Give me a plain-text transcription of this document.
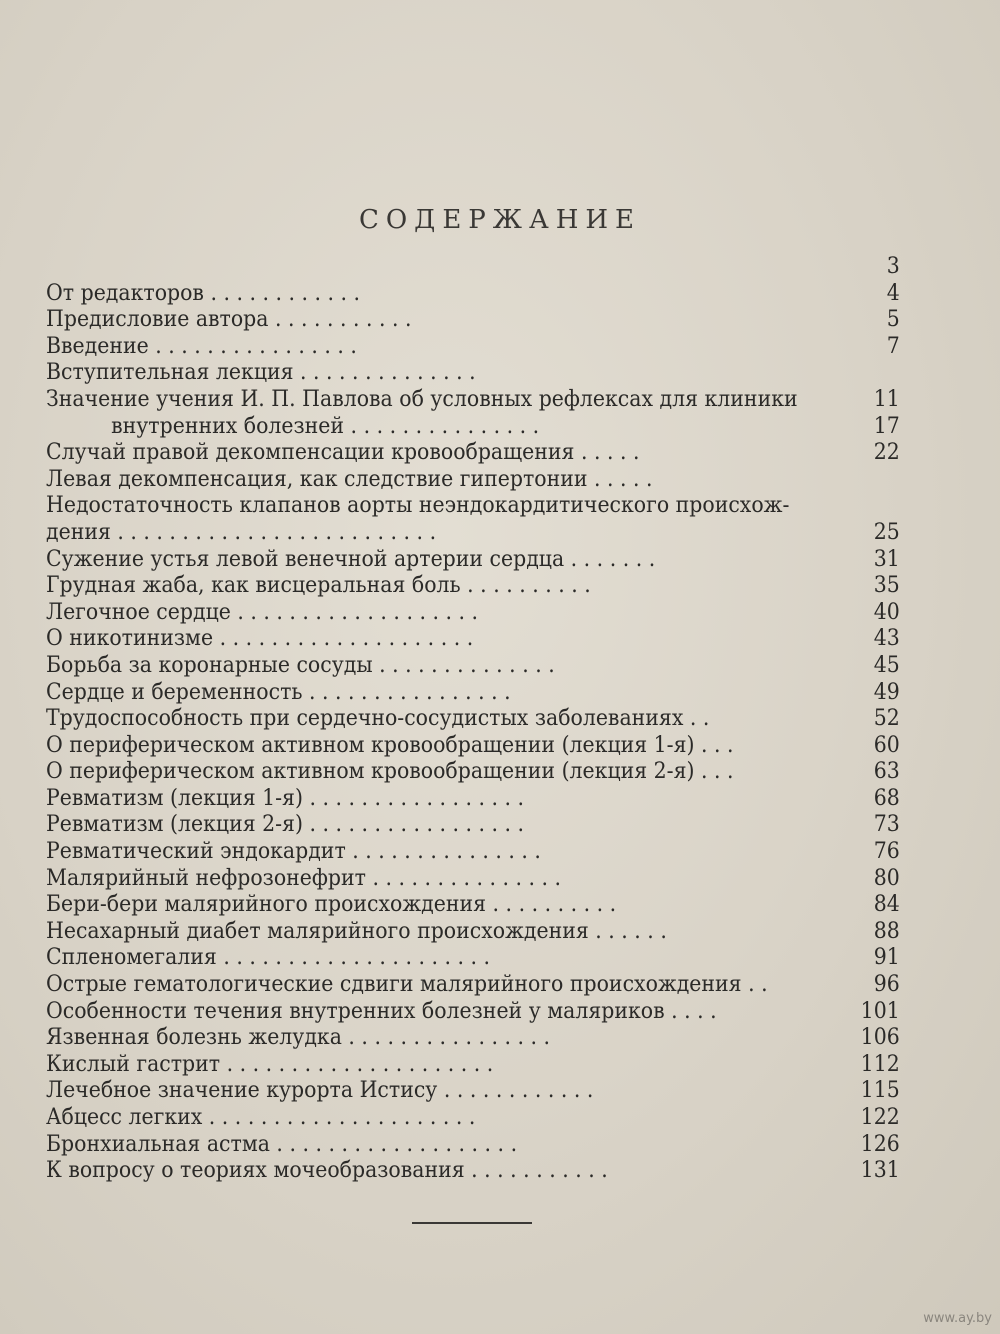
СОДЕРЖАНИЕ
3
От редакторов . . . . . . . . . . . .	4
Предисловие автора . . . . . . . . . . .	5
Введение . . . . . . . . . . . . . . . .	7
Вступительная лекция . . . . . . . . . . . . . .
Значение учения И. П. Павлова об условных рефлексах для клиники	11
внутренних болезней . . . . . . . . . . . . . . .	17
Случай правой декомпенсации кровообращения . . . . .	22
Левая декомпенсация, как следствие гипертонии . . . . .
Недостаточность клапанов аорты неэндокардитического происхож-
дения . . . . . . . . . . . . . . . . . . . . . . . . .	25
Сужение устья левой венечной артерии сердца . . . . . . .	31
Грудная жаба, как висцеральная боль . . . . . . . . . .	35
Легочное сердце . . . . . . . . . . . . . . . . . . .	40
О никотинизме . . . . . . . . . . . . . . . . . . . .	43
Борьба за коронарные сосуды . . . . . . . . . . . . . .	45
Сердце и беременность . . . . . . . . . . . . . . . .	49
Трудоспособность при сердечно-сосудистых заболеваниях . .	52
О периферическом активном кровообращении (лекция 1-я) . . .	60
О периферическом активном кровообращении (лекция 2-я) . . .	63
Ревматизм (лекция 1-я) . . . . . . . . . . . . . . . . .	68
Ревматизм (лекция 2-я) . . . . . . . . . . . . . . . . .	73
Ревматический эндокардит . . . . . . . . . . . . . . .	76
Малярийный нефрозонефрит . . . . . . . . . . . . . . .	80
Бери-бери малярийного происхождения . . . . . . . . . .	84
Несахарный диабет малярийного происхождения . . . . . .	88
Спленомегалия . . . . . . . . . . . . . . . . . . . . .	91
Острые гематологические сдвиги малярийного происхождения . .	96
Особенности течения внутренних болезней у маляриков . . . .	101
Язвенная болезнь желудка . . . . . . . . . . . . . . . .	106
Кислый гастрит . . . . . . . . . . . . . . . . . . . . .	112
Лечебное значение курорта Истису . . . . . . . . . . . .	115
Абцесс легких . . . . . . . . . . . . . . . . . . . . .	122
Бронхиальная астма . . . . . . . . . . . . . . . . . . .	126
К вопросу о теориях мочеобразования . . . . . . . . . . .	131
www.ay.by
